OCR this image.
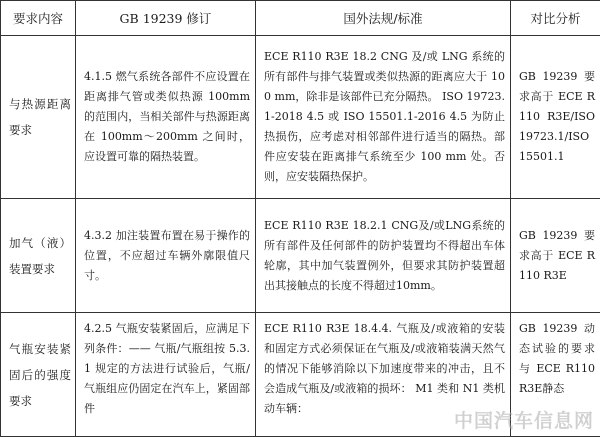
要求内容	GB 19239 修订	国外法规/标准	对比分析

与热源距离要求	4.1.5 燃气系统各部件不应设置在距离排气管或类似热源 100mm 的范围内，当相关部件与热源距离在 100mm～200mm 之间时，应设置可靠的隔热装置。	ECE R110 R3E 18.2 CNG 及/或 LNG 系统的所有部件与排气装置或类似热源的距离应大于 100 mm，除非是该部件已充分隔热。 ISO 19723.1-2018 4.5 或 ISO 15501.1-2016 4.5 为防止热损伤，应考虑对相邻部件进行适当的隔热。部件应安装在距离排气系统至少 100 mm 处。否则，应安装隔热保护。	GB 19239 要求高于 ECE R110 R3E/ISO 19723.1/ISO 15501.1

加气（液）装置要求	4.3.2 加注装置布置在易于操作的位置，不应超过车辆外廓限值尺寸。	ECE R110 R3E 18.2.1 CNG及/或LNG系统的所有部件及任何部件的防护装置均不得超出车体轮廓，其中加气装置例外，但要求其防护装置超出其接触点的长度不得超过10mm。	GB 19239 要求高于 ECE R110 R3E

气瓶安装紧固后的强度要求	4.2.5 气瓶安装紧固后，应满足下列条件：—— 气瓶/气瓶组按 5.3.1 规定的方法进行试验后，气瓶/气瓶组应仍固定在汽车上，紧固部件	ECE R110 R3E 18.4.4. 气瓶及/或液箱的安装和固定方式必须保证在气瓶及/或液箱装满天然气的情况下能够消除以下加速度带来的冲击，且不会造成气瓶及/或液箱的损坏： M1 类和 N1 类机动车辆：	GB 19239 动态试验的要求与 ECE R110 R3E静态
中国汽车信息网
